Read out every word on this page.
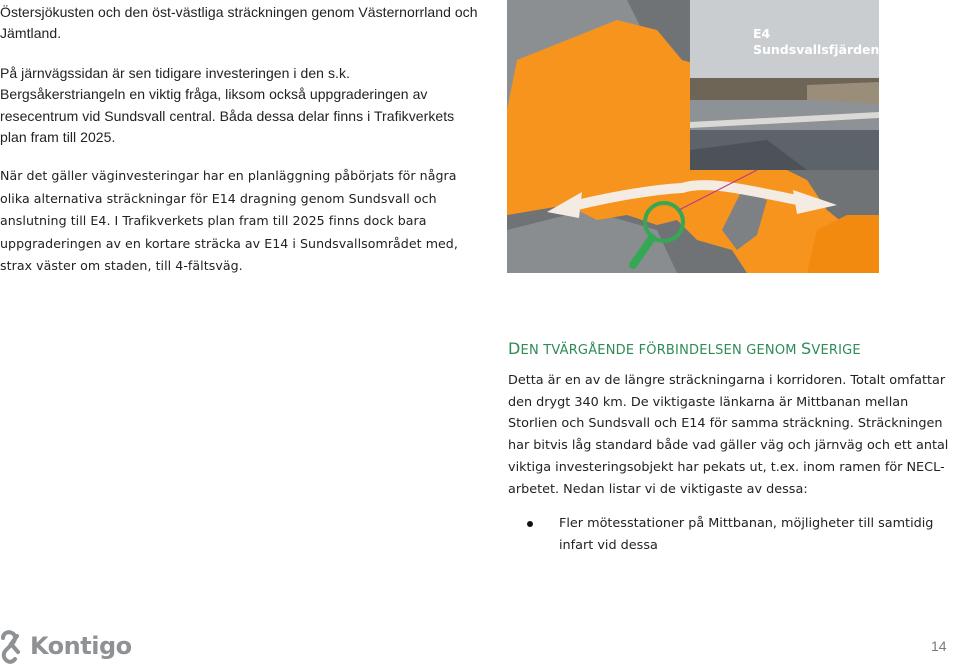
Östersjökusten och den öst-västliga sträckningen genom Västernorrland och Jämtland.

På järnvägssidan är sen tidigare investeringen i den s.k. Bergsåkerstriangeln en viktig fråga, liksom också uppgraderingen av resecentrum vid Sundsvall central. Båda dessa delar finns i Trafikverkets plan fram till 2025.

När det gäller väginvesteringar har en planläggning påbörjats för några olika alternativa sträckningar för E14 dragning genom Sundsvall och anslutning till E4. I Trafikverkets plan fram till 2025 finns dock bara uppgraderingen av en kortare sträcka av E14 i Sundsvallsområdet med, strax väster om staden, till 4-fältsväg.

E4
Sundsvallsfjärden
DEN TVÄRGÅENDE FÖRBINDELSEN GENOM SVERIGE

Detta är en av de längre sträckningarna i korridoren. Totalt omfattar den drygt 340 km. De viktigaste länkarna är Mittbanan mellan Storlien och Sundsvall och E14 för samma sträckning. Sträckningen har bitvis låg standard både vad gäller väg och järnväg och ett antal viktiga investeringsobjekt har pekats ut, t.ex. inom ramen för NECL-arbetet. Nedan listar vi de viktigaste av dessa:

Fler mötesstationer på Mittbanan, möjligheter till samtidig infart vid dessa
Kontigo	14
